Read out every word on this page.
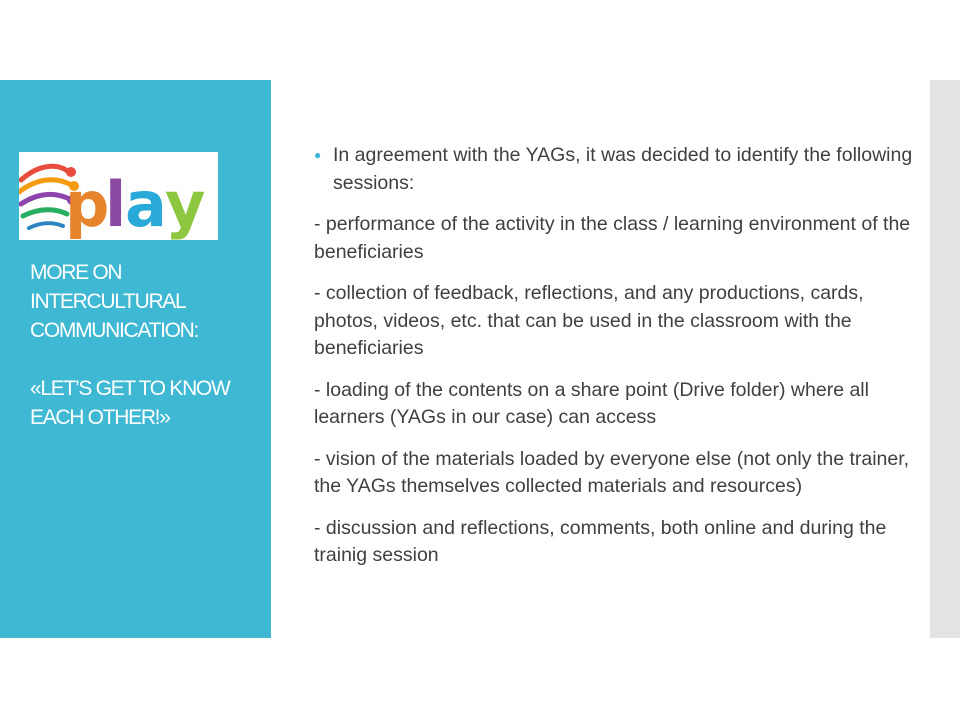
p
l
a
y
MORE ON INTERCULTURAL COMMUNICATION:

«LET’S GET TO KNOW EACH OTHER!»
● In agreement with the YAGs, it was decided to identify the following sessions:
- performance of the activity in the class / learning environment of the beneficiaries
- collection of feedback, reflections, and any productions, cards, photos, videos, etc. that can be used in the classroom with the beneficiaries
- loading of the contents on a share point (Drive folder) where all learners (YAGs in our case) can access
- vision of the materials loaded by everyone else (not only the trainer, the YAGs themselves collected materials and resources)
- discussion and reflections, comments, both online and during the trainig session
